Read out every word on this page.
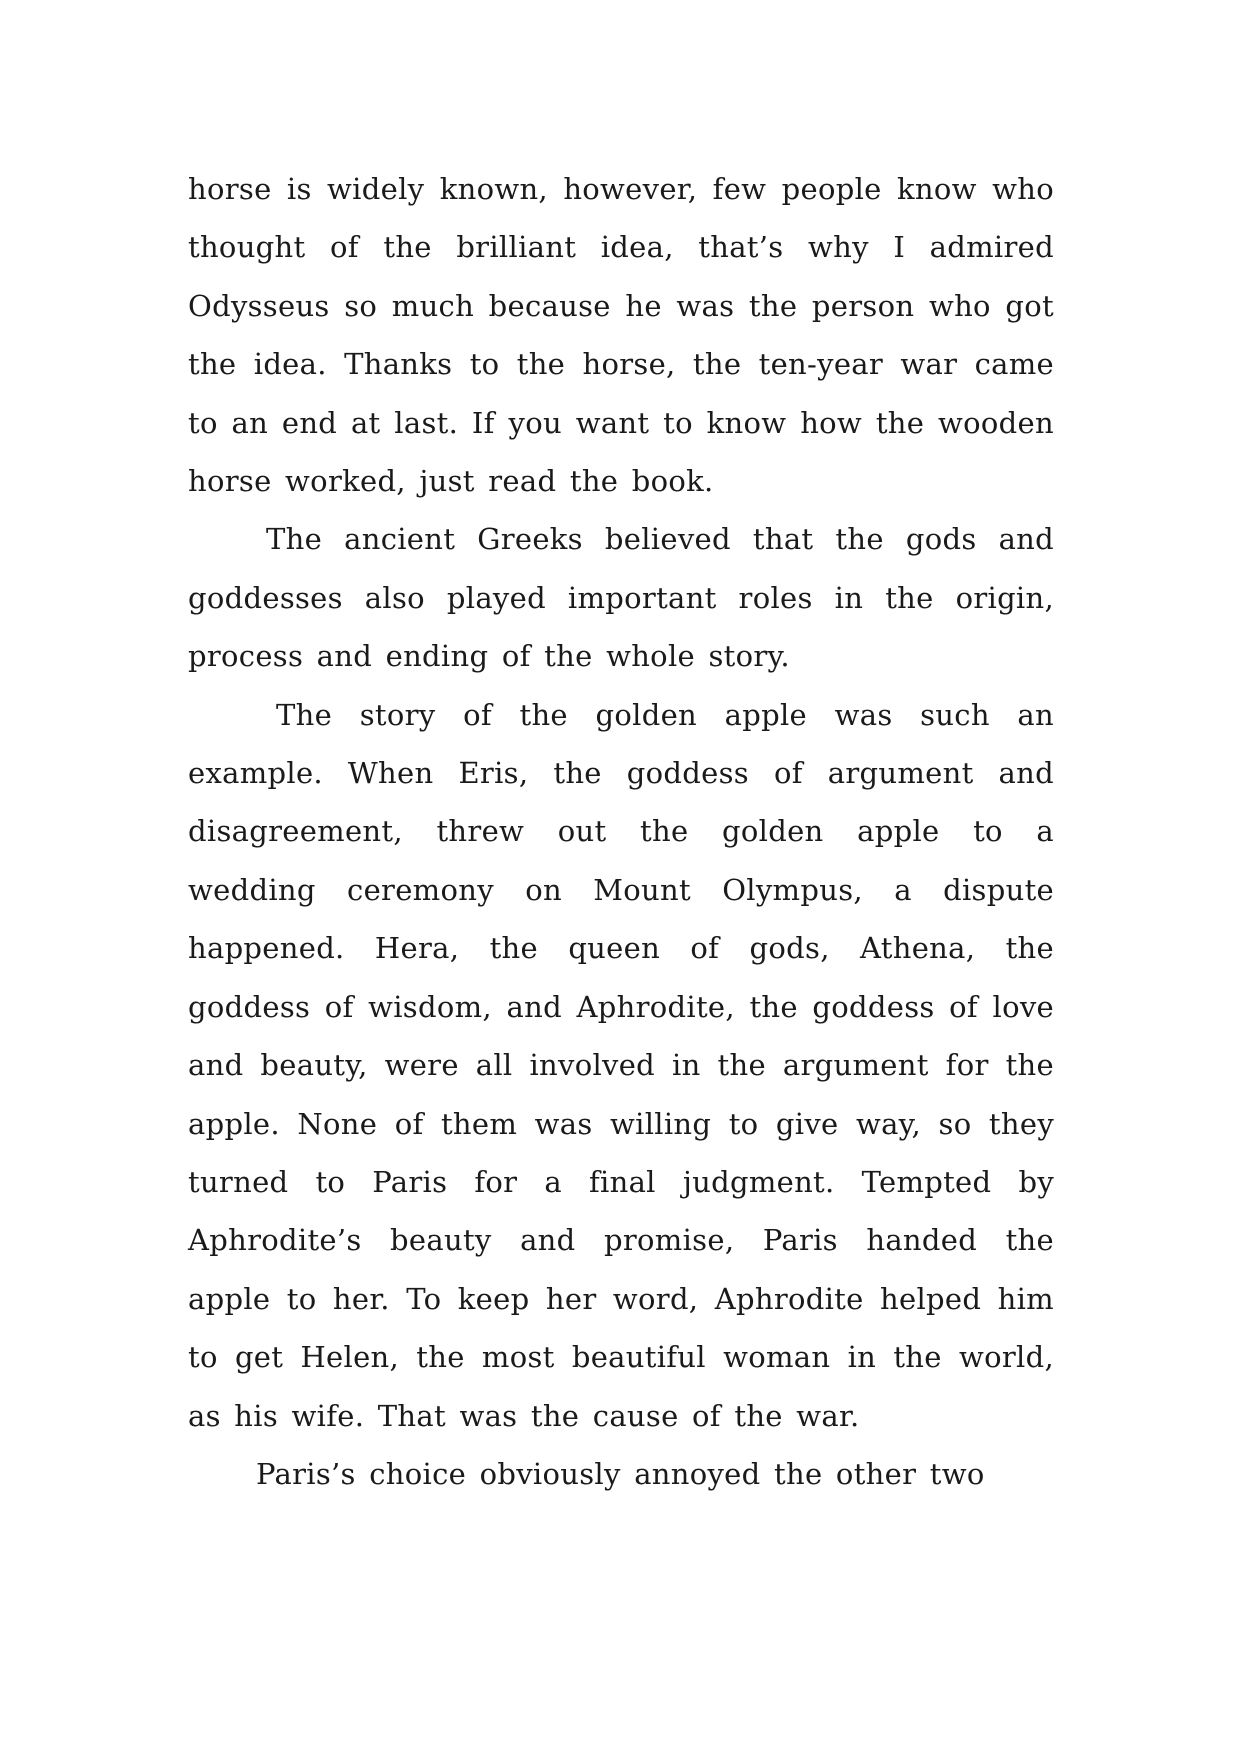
horse is widely known, however, few people know who thought of the brilliant idea, that’s why I admired Odysseus so much because he was the person who got the idea. Thanks to the horse, the ten-year war came to an end at last. If you want to know how the wooden horse worked, just read the book.

The ancient Greeks believed that the gods and goddesses also played important roles in the origin, process and ending of the whole story.

The story of the golden apple was such an example. When Eris, the goddess of argument and disagreement, threw out the golden apple to a wedding ceremony on Mount Olympus, a dispute happened. Hera, the queen of gods, Athena, the goddess of wisdom, and Aphrodite, the goddess of love and beauty, were all involved in the argument for the apple. None of them was willing to give way, so they turned to Paris for a final judgment. Tempted by Aphrodite’s beauty and promise, Paris handed the apple to her. To keep her word, Aphrodite helped him to get Helen, the most beautiful woman in the world, as his wife. That was the cause of the war.

Paris’s choice obviously annoyed the other two
